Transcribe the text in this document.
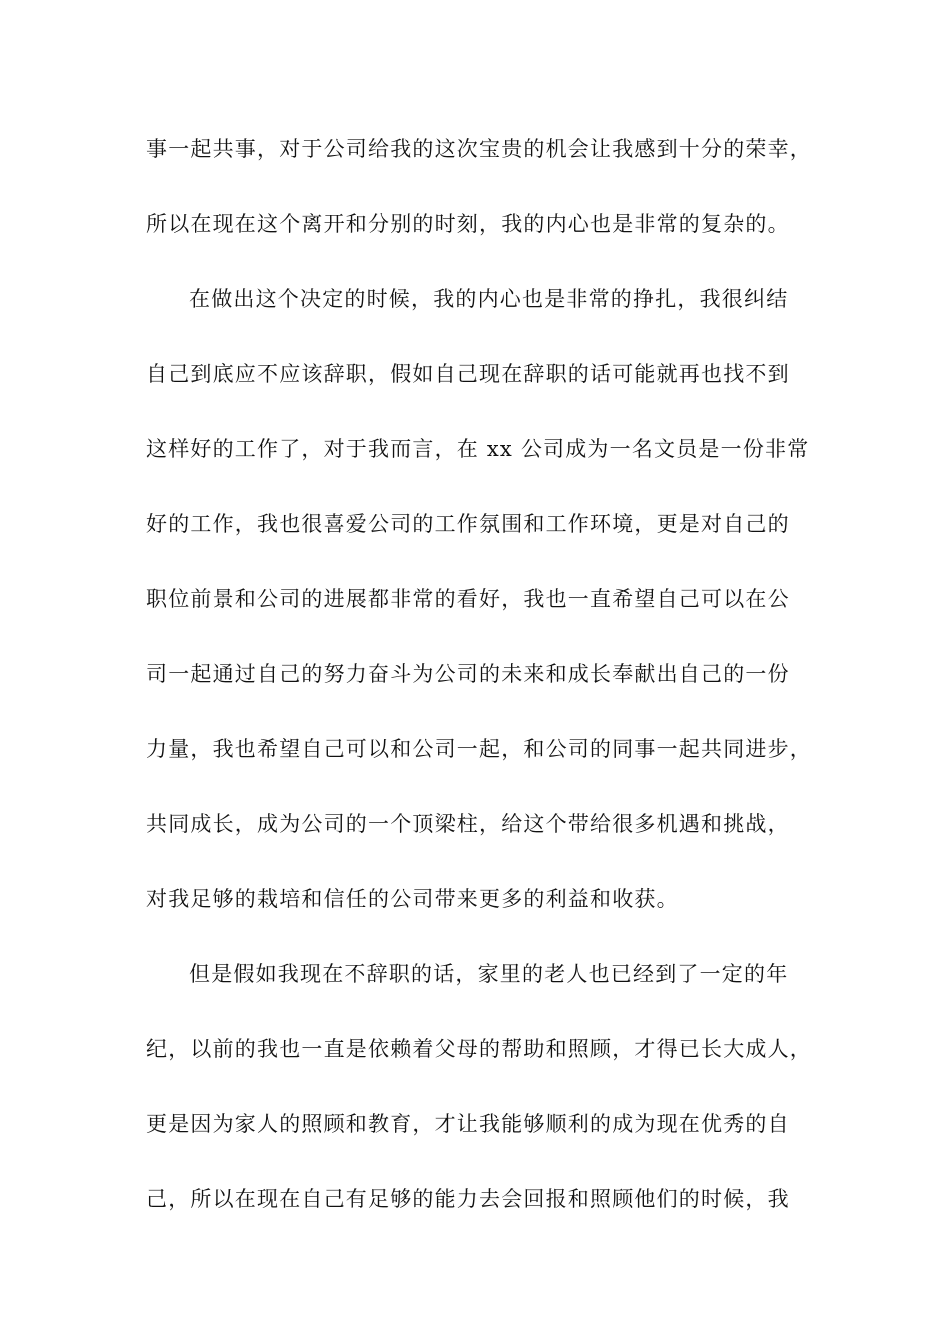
事一起共事，对于公司给我的这次宝贵的机会让我感到十分的荣幸，
所以在现在这个离开和分别的时刻，我的内心也是非常的复杂的。
在做出这个决定的时候，我的内心也是非常的挣扎，我很纠结
自己到底应不应该辞职，假如自己现在辞职的话可能就再也找不到
这样好的工作了，对于我而言，在 xx 公司成为一名文员是一份非常
好的工作，我也很喜爱公司的工作氛围和工作环境，更是对自己的
职位前景和公司的进展都非常的看好，我也一直希望自己可以在公
司一起通过自己的努力奋斗为公司的未来和成长奉献出自己的一份
力量，我也希望自己可以和公司一起，和公司的同事一起共同进步，
共同成长，成为公司的一个顶梁柱，给这个带给很多机遇和挑战，
对我足够的栽培和信任的公司带来更多的利益和收获。
但是假如我现在不辞职的话，家里的老人也已经到了一定的年
纪，以前的我也一直是依赖着父母的帮助和照顾，才得已长大成人，
更是因为家人的照顾和教育，才让我能够顺利的成为现在优秀的自
己，所以在现在自己有足够的能力去会回报和照顾他们的时候，我
